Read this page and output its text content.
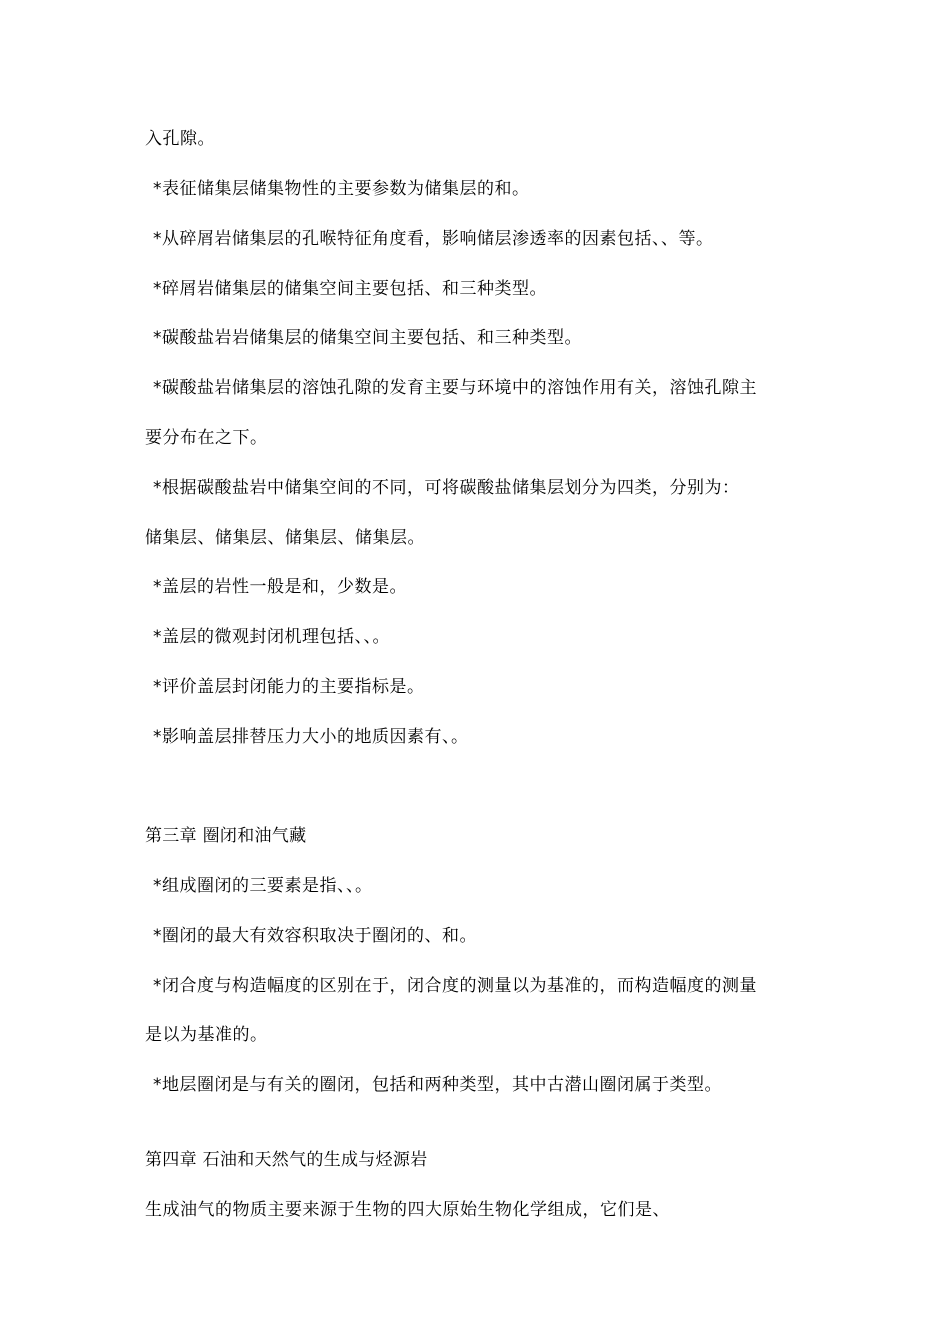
入孔隙。
*表征储集层储集物性的主要参数为储集层的和。
*从碎屑岩储集层的孔喉特征角度看，影响储层渗透率的因素包括、、等。
*碎屑岩储集层的储集空间主要包括、和三种类型。
*碳酸盐岩岩储集层的储集空间主要包括、和三种类型。
*碳酸盐岩储集层的溶蚀孔隙的发育主要与环境中的溶蚀作用有关，溶蚀孔隙主
要分布在之下。
*根据碳酸盐岩中储集空间的不同，可将碳酸盐储集层划分为四类，分别为：
储集层、储集层、储集层、储集层。
*盖层的岩性一般是和，少数是。
*盖层的微观封闭机理包括、、。
*评价盖层封闭能力的主要指标是。
*影响盖层排替压力大小的地质因素有、。
第三章 圈闭和油气藏
*组成圈闭的三要素是指、、。
*圈闭的最大有效容积取决于圈闭的、和。
*闭合度与构造幅度的区别在于，闭合度的测量以为基准的，而构造幅度的测量
是以为基准的。
*地层圈闭是与有关的圈闭，包括和两种类型，其中古潜山圈闭属于类型。
第四章 石油和天然气的生成与烃源岩
生成油气的物质主要来源于生物的四大原始生物化学组成，它们是、
